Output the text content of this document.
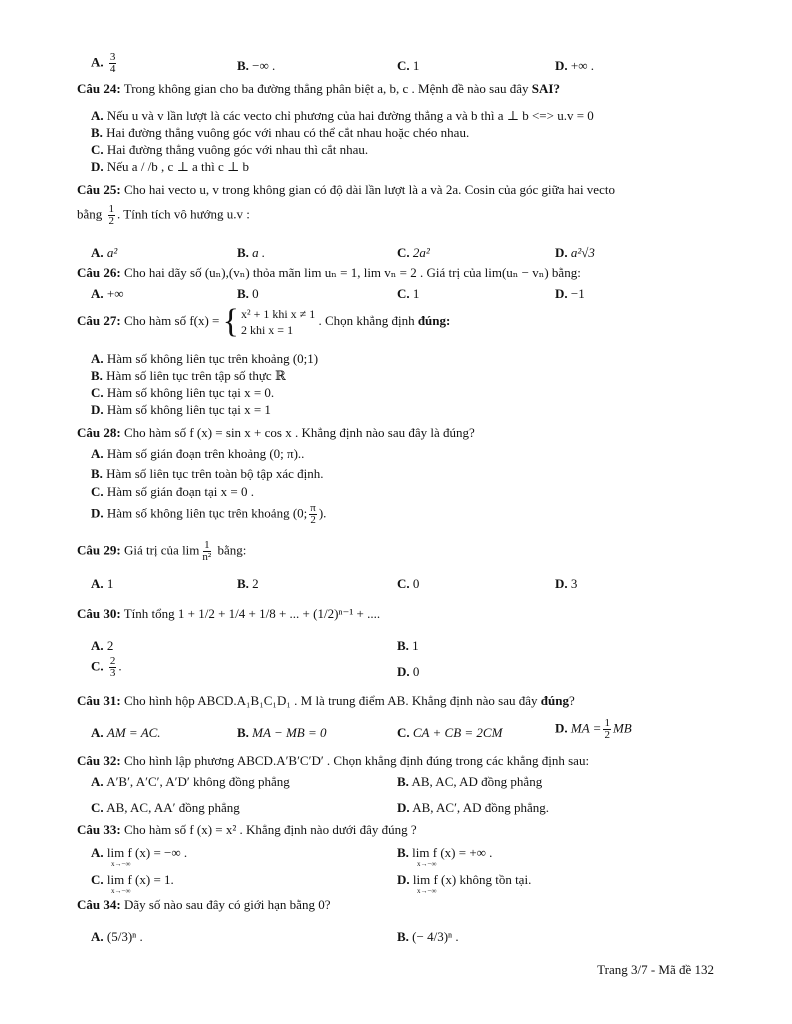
A. $\frac{3}{4}$	B. −∞ .	C. 1	D. +∞ .
Câu 24: Trong không gian cho ba đường thẳng phân biệt a, b, c . Mệnh đề nào sau đây SAI?
A. Nếu u và v lần lượt là các vecto chỉ phương của hai đường thẳng a và b thì a ⊥ b <=> u.v = 0
B. Hai đường thẳng vuông góc với nhau có thể cắt nhau hoặc chéo nhau.
C. Hai đường thẳng vuông góc với nhau thì cắt nhau.
D. Nếu a / /b , c ⊥ a thì c ⊥ b
Câu 25: Cho hai vecto u, v trong không gian có độ dài lần lượt là a và 2a. Cosin của góc giữa hai vecto
bằng $\frac{1}{2}$ . Tính tích vô hướng u.v :
A. a²	B. a .	C. 2a²	D. a²√3
Câu 26: Cho hai dãy số (uₙ),(vₙ) thỏa mãn lim uₙ = 1, lim vₙ = 2 . Giá trị của lim(uₙ − vₙ) bằng:
A. +∞	B. 0	C. 1	D. −1
Câu 27: Cho hàm số f(x) = { x² + 1 khi x ≠ 1
2 khi x = 1
. Chọn khẳng định đúng:
A. Hàm số không liên tục trên khoảng (0;1)
B. Hàm số liên tục trên tập số thực ℝ
C. Hàm số không liên tục tại x = 0.
D. Hàm số không liên tục tại x = 1
Câu 28: Cho hàm số f (x) = sin x + cos x . Khẳng định nào sau đây là đúng?
A. Hàm số gián đoạn trên khoảng (0; π)..
B. Hàm số liên tục trên toàn bộ tập xác định.
C. Hàm số gián đoạn tại x = 0 .
D. Hàm số không liên tục trên khoảng (0; $\frac{\pi}{2}$ ).
Câu 29: Giá trị của $\lim \frac{1}{\text{n²}}$ bằng:
A. 1	B. 2	C. 0	D. 3
Câu 30: Tính tổng 1 + 1/2 + 1/4 + 1/8 + ... + (1/2)ⁿ⁻¹ + ....
A. 2	B. 1
C. $\frac{2}{3}$ .	D. 0
Câu 31: Cho hình hộp ABCD.A₁B₁C₁D₁ . M là trung điểm AB. Khẳng định nào sau đây đúng?
A. AM = AC.	B. MA − MB = 0	C. CA + CB = 2CM	D. MA = $\frac{1}{2}$ MB
Câu 32: Cho hình lập phương ABCD.A′B′C′D′ . Chọn khẳng định đúng trong các khẳng định sau:
A. A′B′, A′C′, A′D′ không đồng phẳng	B. AB, AC, AD đồng phẳng
C. AB, AC, AA′ đồng phẳng	D. AB, AC′, AD đồng phẳng.
Câu 33: Cho hàm số f (x) = x² . Khẳng định nào dưới đây đúng ?
A. lim f (x) = −∞ .
x→−∞
B. lim f (x) = +∞ .
x→−∞
C. lim f (x) = 1.
x→−∞
D. lim f (x) không tồn tại.
x→−∞
Câu 34: Dãy số nào sau đây có giới hạn bằng 0?
A. (5/3)ⁿ .	B. (− 4/3)ⁿ .
Trang 3/7 - Mã đề 132
